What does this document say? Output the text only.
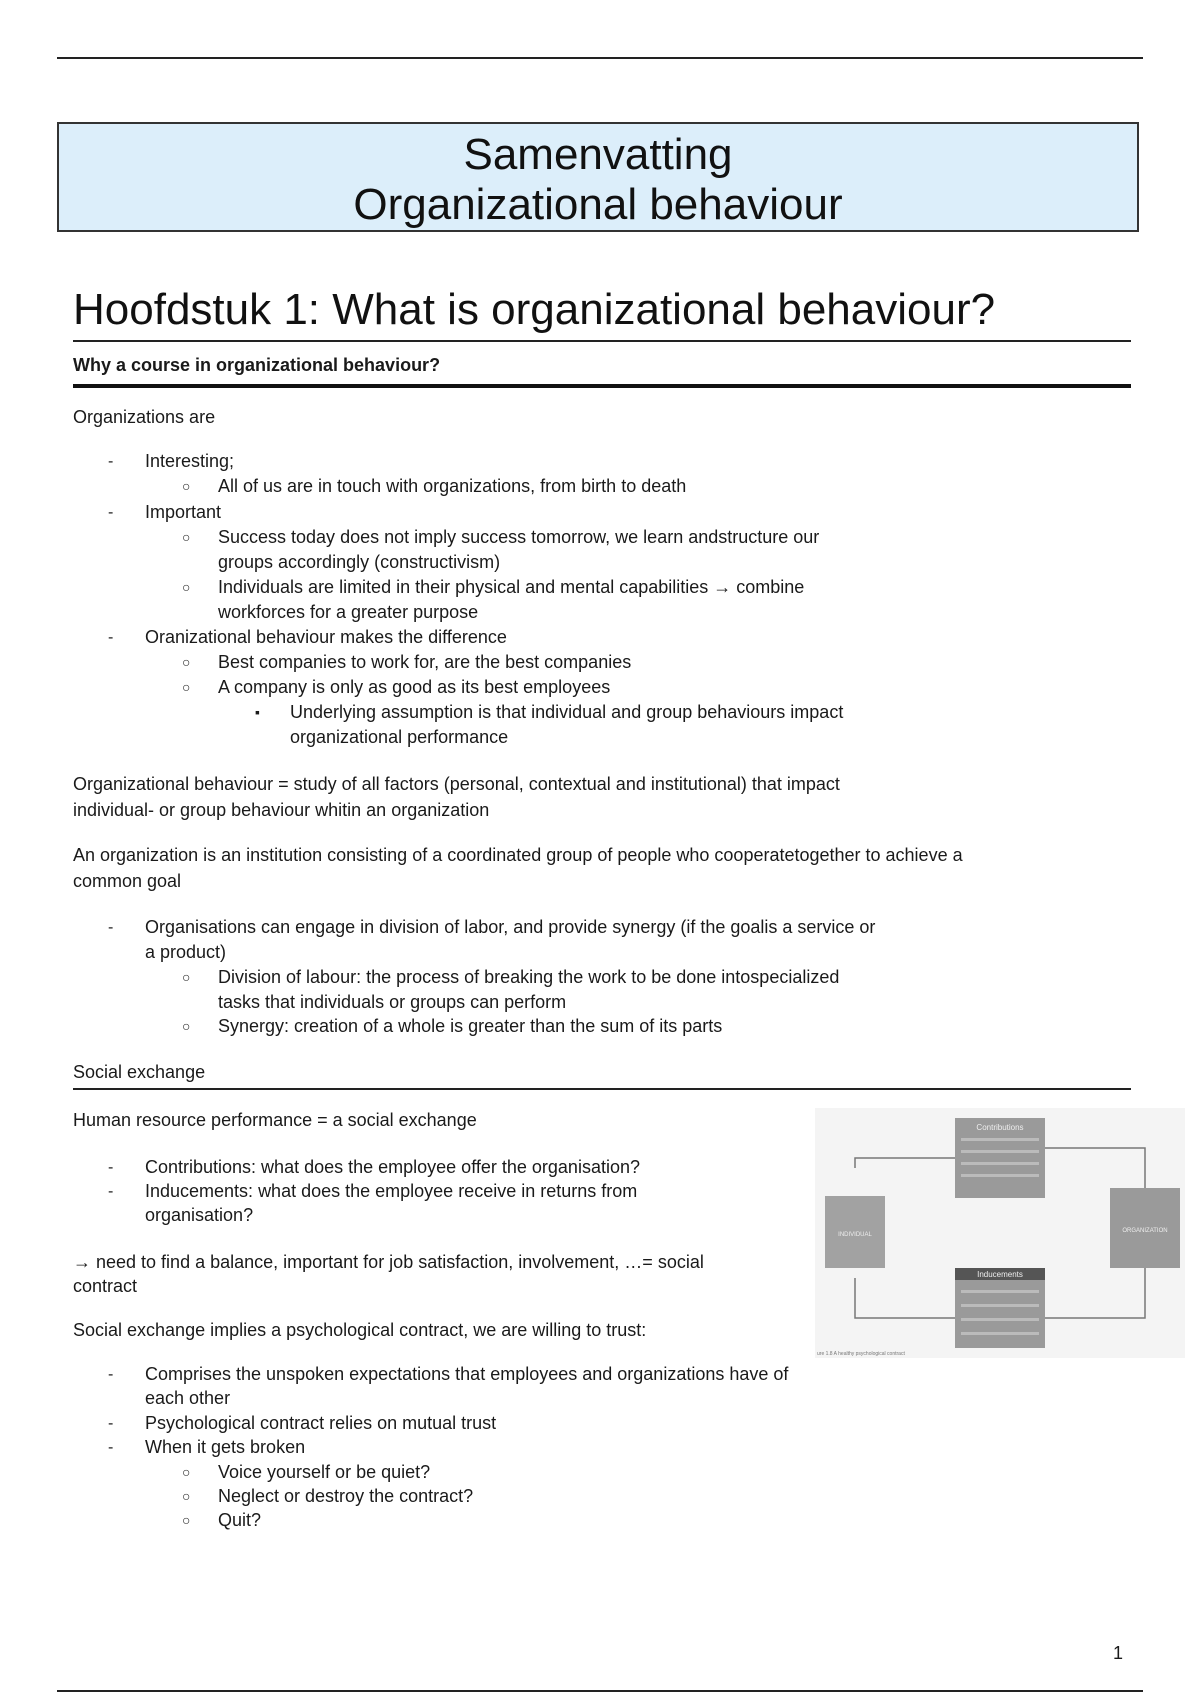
Samenvatting
Organizational behaviour
Hoofdstuk 1: What is organizational behaviour?
Why a course in organizational behaviour?
Organizations are
- Interesting;
○ All of us are in touch with organizations, from birth to death
- Important
○ Success today does not imply success tomorrow, we learn andstructure our
groups accordingly (constructivism)
○ Individuals are limited in their physical and mental capabilities → combine
workforces for a greater purpose
- Oranizational behaviour makes the difference
○ Best companies to work for, are the best companies
○ A company is only as good as its best employees
▪ Underlying assumption is that individual and group behaviours impact
organizational performance
Organizational behaviour = study of all factors (personal, contextual and institutional) that impact
individual- or group behaviour whitin an organization
An organization is an institution consisting of a coordinated group of people who cooperatetogether to achieve a
common goal
- Organisations can engage in division of labor, and provide synergy (if the goalis a service or
a product)
○ Division of labour: the process of breaking the work to be done intospecialized
tasks that individuals or groups can perform
○ Synergy: creation of a whole is greater than the sum of its parts
Social exchange
Human resource performance = a social exchange
- Contributions: what does the employee offer the organisation?
- Inducements: what does the employee receive in returns from
organisation?
→ need to find a balance, important for job satisfaction, involvement, …= social
contract
Social exchange implies a psychological contract, we are willing to trust:
- Comprises the unspoken expectations that employees and organizations have of
each other
- Psychological contract relies on mutual trust
- When it gets broken
○ Voice yourself or be quiet?
○ Neglect or destroy the contract?
○ Quit?
Contributions
INDIVIDUAL
ORGANIZATION
Inducements
ure 1.8 A healthy psychological contract
1
